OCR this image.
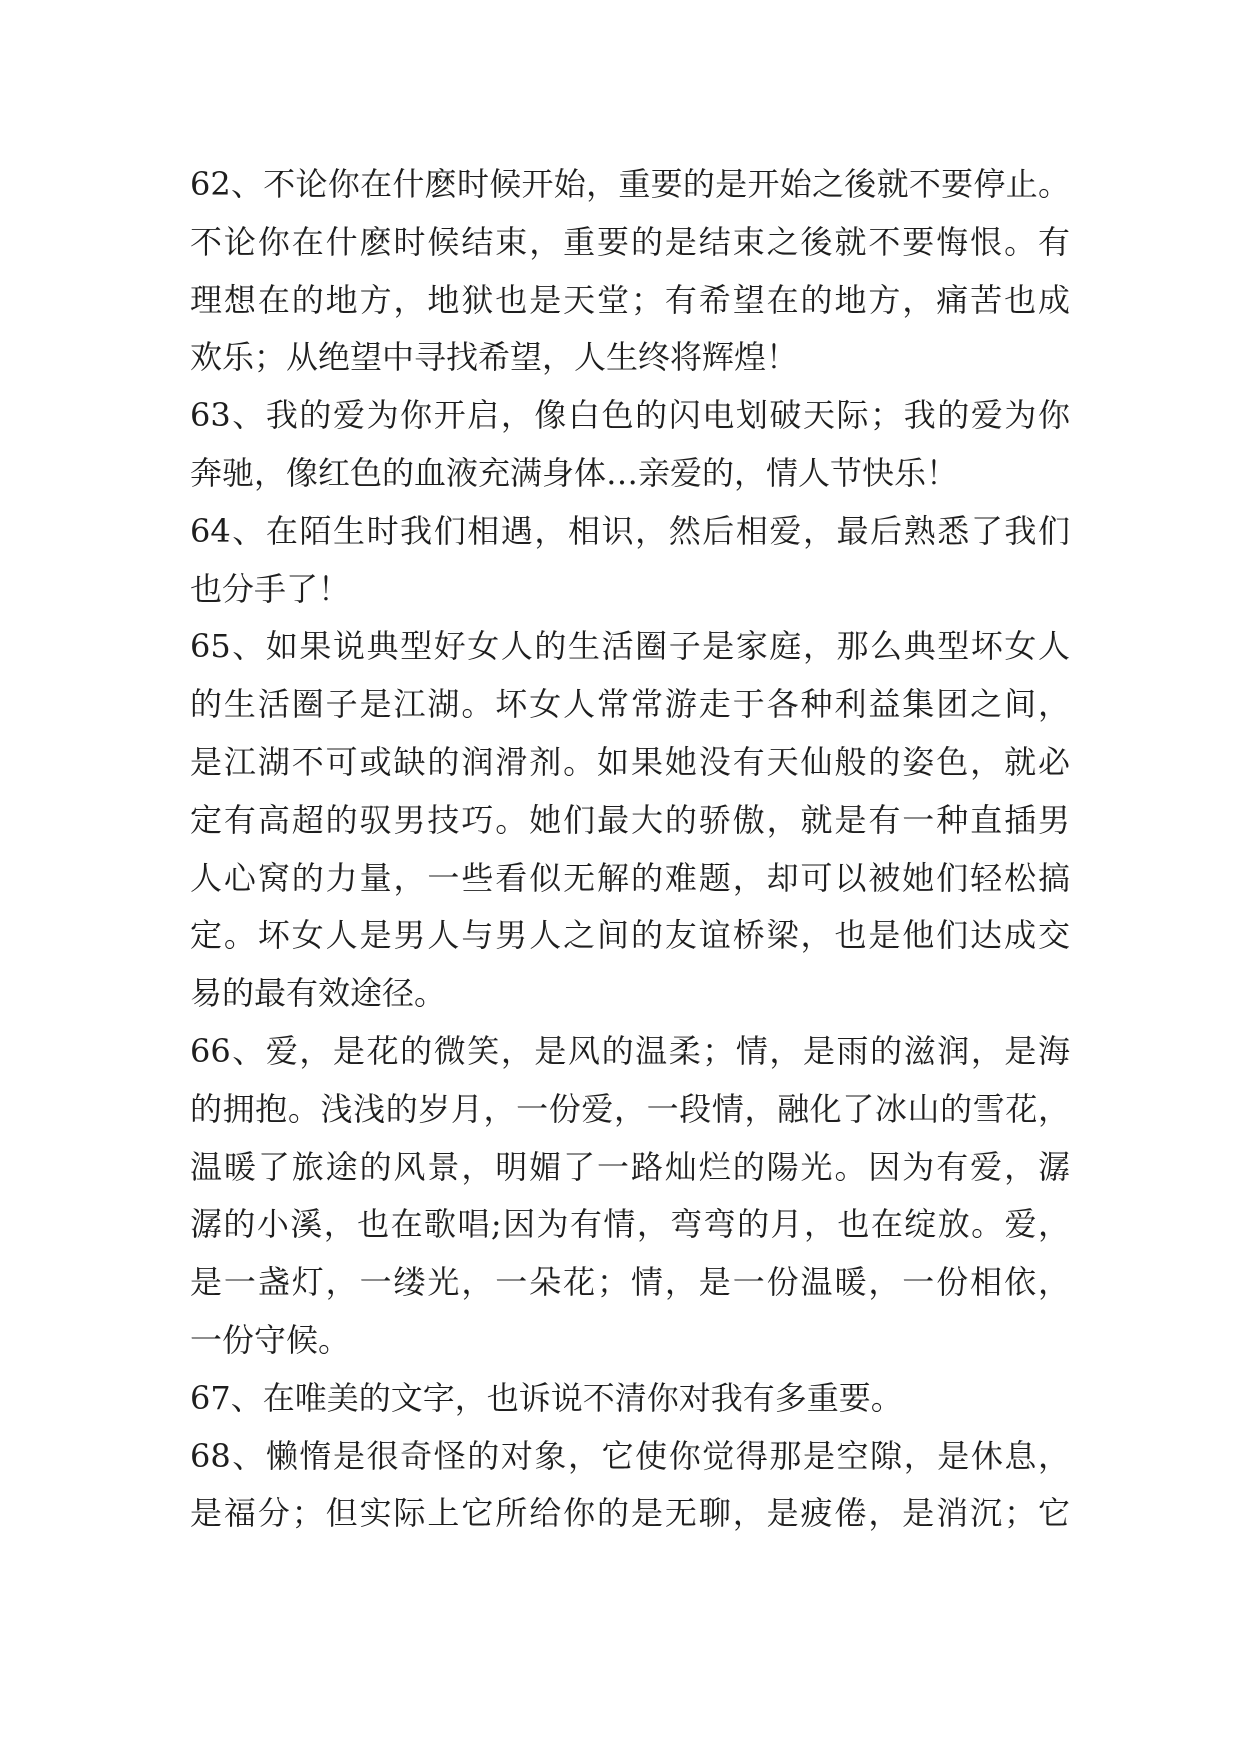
62、不论你在什麽时候开始，重要的是开始之後就不要停止。
不论你在什麽时候结束，重要的是结束之後就不要悔恨。有
理想在的地方，地狱也是天堂；有希望在的地方，痛苦也成
欢乐；从绝望中寻找希望，人生终将辉煌！
63、我的爱为你开启，像白色的闪电划破天际；我的爱为你
奔驰，像红色的血液充满身体…亲爱的，情人节快乐！
64、在陌生时我们相遇，相识，然后相爱，最后熟悉了我们
也分手了！
65、如果说典型好女人的生活圈子是家庭，那么典型坏女人
的生活圈子是江湖。坏女人常常游走于各种利益集团之间，
是江湖不可或缺的润滑剂。如果她没有天仙般的姿色，就必
定有高超的驭男技巧。她们最大的骄傲，就是有一种直插男
人心窝的力量，一些看似无解的难题，却可以被她们轻松搞
定。坏女人是男人与男人之间的友谊桥梁，也是他们达成交
易的最有效途径。
66、爱，是花的微笑，是风的温柔；情，是雨的滋润，是海
的拥抱。浅浅的岁月，一份爱，一段情，融化了冰山的雪花，
温暖了旅途的风景，明媚了一路灿烂的陽光。因为有爱，潺
潺的小溪，也在歌唱;因为有情，弯弯的月，也在绽放。爱，
是一盏灯，一缕光，一朵花；情，是一份温暖，一份相依，
一份守候。
67、在唯美的文字，也诉说不清你对我有多重要。
68、懒惰是很奇怪的对象，它使你觉得那是空隙，是休息，
是福分；但实际上它所给你的是无聊，是疲倦，是消沉；它
